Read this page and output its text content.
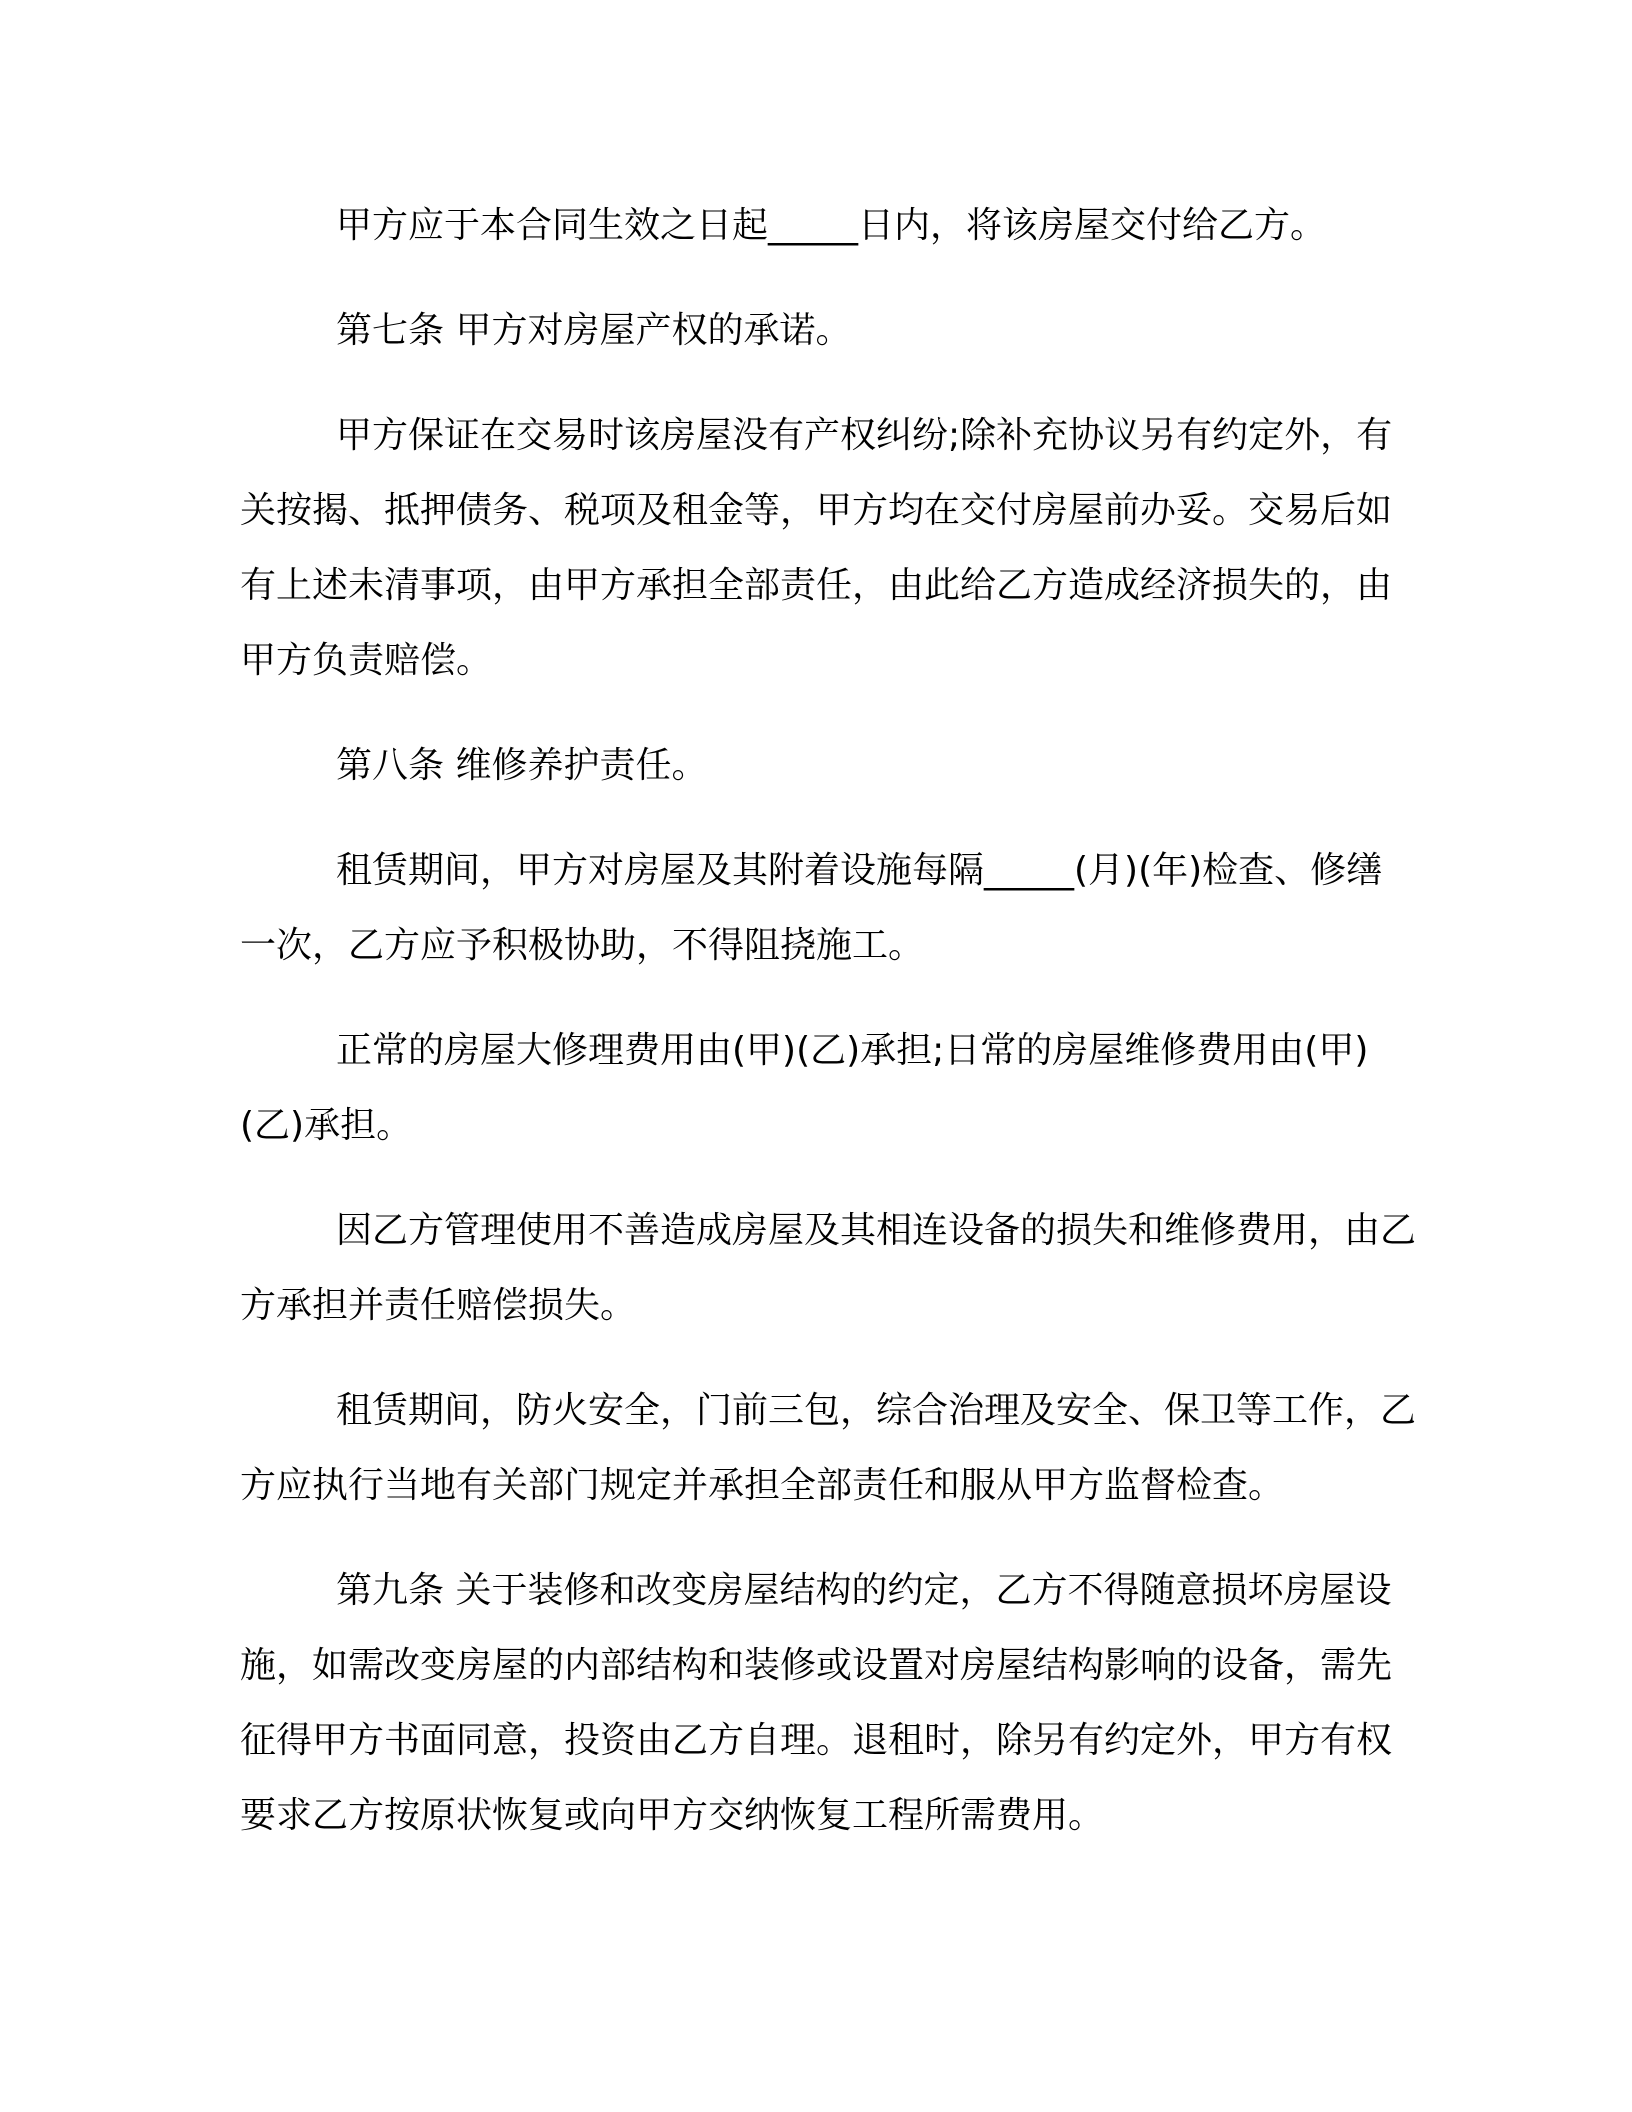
甲方应于本合同生效之日起_____日内，将该房屋交付给乙方。

第七条 甲方对房屋产权的承诺。

甲方保证在交易时该房屋没有产权纠纷;除补充协议另有约定外，有关按揭、抵押债务、税项及租金等，甲方均在交付房屋前办妥。交易后如有上述未清事项，由甲方承担全部责任，由此给乙方造成经济损失的，由甲方负责赔偿。

第八条 维修养护责任。

租赁期间，甲方对房屋及其附着设施每隔_____(月)(年)检查、修缮一次，乙方应予积极协助，不得阻挠施工。

正常的房屋大修理费用由(甲)(乙)承担;日常的房屋维修费用由(甲)(乙)承担。

因乙方管理使用不善造成房屋及其相连设备的损失和维修费用，由乙方承担并责任赔偿损失。

租赁期间，防火安全，门前三包，综合治理及安全、保卫等工作，乙方应执行当地有关部门规定并承担全部责任和服从甲方监督检查。

第九条 关于装修和改变房屋结构的约定，乙方不得随意损坏房屋设施，如需改变房屋的内部结构和装修或设置对房屋结构影响的设备，需先征得甲方书面同意，投资由乙方自理。退租时，除另有约定外，甲方有权要求乙方按原状恢复或向甲方交纳恢复工程所需费用。
